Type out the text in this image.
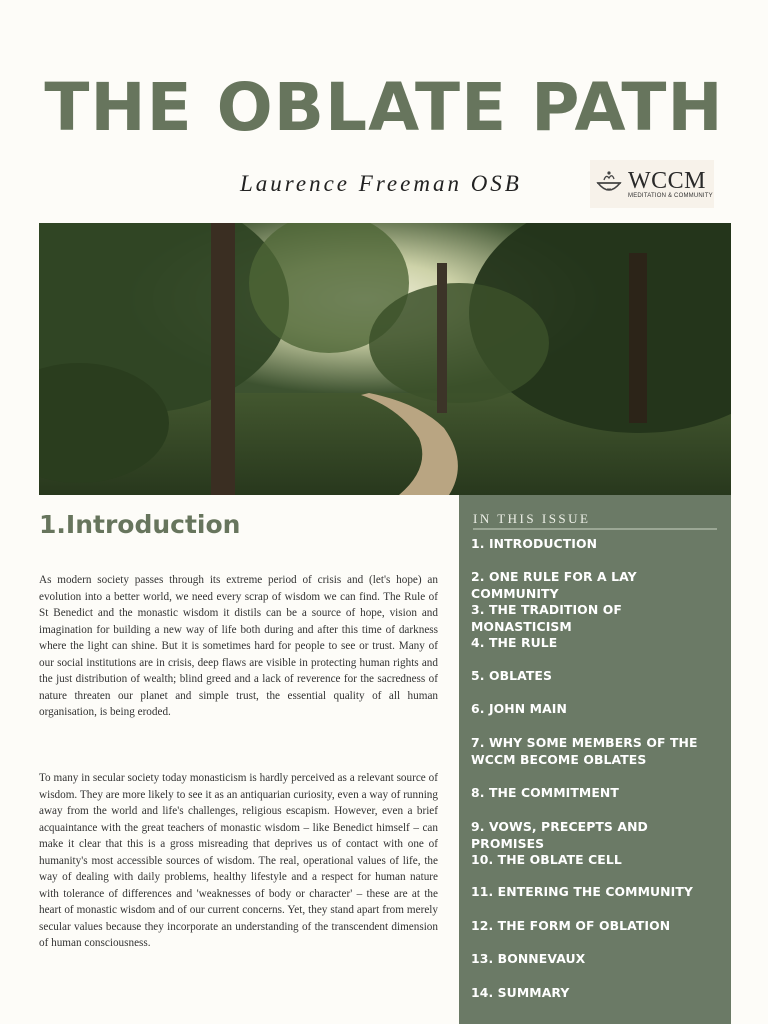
THE OBLATE PATH
Laurence Freeman OSB	WCCM
MEDITATION & COMMUNITY
1.Introduction

As modern society passes through its extreme period of crisis and (let's hope) an evolution into a better world, we need every scrap of wisdom we can find. The Rule of St Benedict and the monastic wisdom it distils can be a source of hope, vision and imagination for building a new way of life both during and after this time of darkness where the light can shine. But it is sometimes hard for people to see or trust. Many of our social institutions are in crisis, deep flaws are visible in protecting human rights and the just distribution of wealth; blind greed and a lack of reverence for the sacredness of nature threaten our planet and simple trust, the essential quality of all human organisation, is being eroded.

To many in secular society today monasticism is hardly perceived as a relevant source of wisdom. They are more likely to see it as an antiquarian curiosity, even a way of running away from the world and life's challenges, religious escapism. However, even a brief acquaintance with the great teachers of monastic wisdom – like Benedict himself – can make it clear that this is a gross misreading that deprives us of contact with one of humanity's most accessible sources of wisdom. The real, operational values of life, the way of dealing with daily problems, healthy lifestyle and a respect for human nature with tolerance of differences and 'weaknesses of body or character' – these are at the heart of monastic wisdom and of our current concerns. Yet, they stand apart from merely secular values because they incorporate an understanding of the transcendent dimension of human consciousness.

IN THIS ISSUE
1. INTRODUCTION
2. ONE RULE FOR A LAY COMMUNITY
3. THE TRADITION OF MONASTICISM
4. THE RULE
5. OBLATES
6. JOHN MAIN
7. WHY SOME MEMBERS OF THE WCCM BECOME OBLATES
8. THE COMMITMENT
9. VOWS, PRECEPTS AND PROMISES
10. THE OBLATE CELL
11. ENTERING THE COMMUNITY
12. THE FORM OF OBLATION
13. BONNEVAUX
14. SUMMARY
